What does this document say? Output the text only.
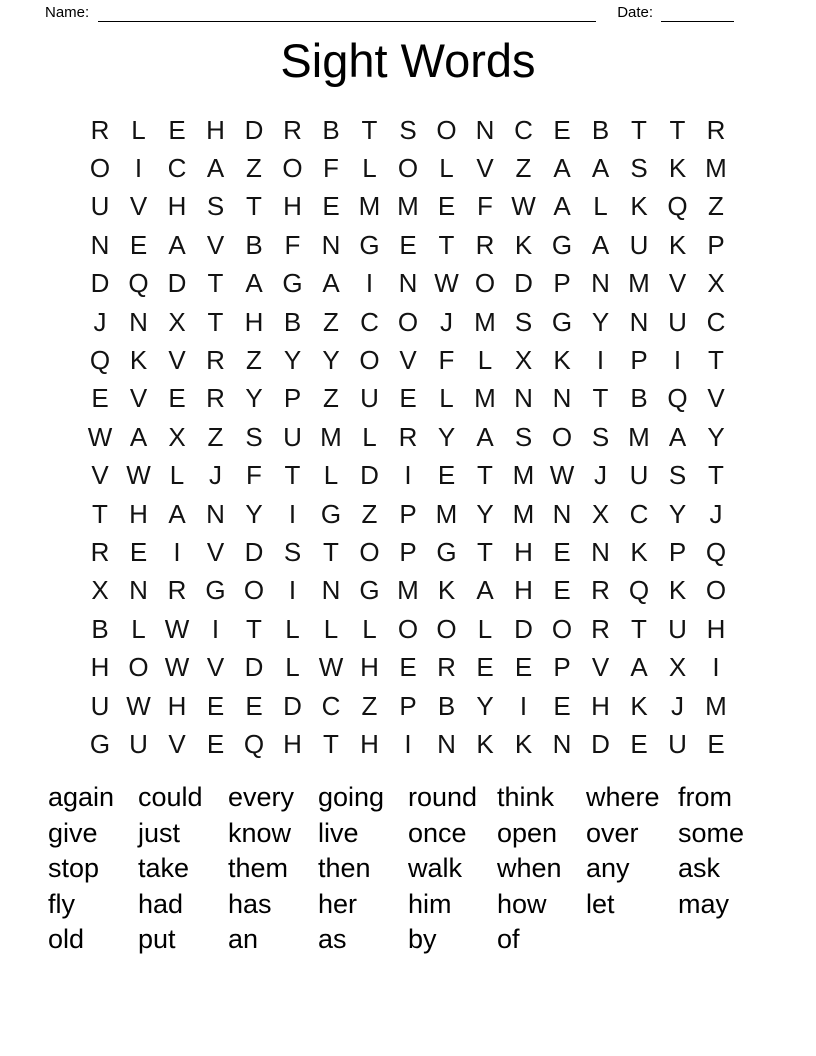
Name:	Date:
Sight Words
R L E H D R B T S O N C E B T T R
O I C A Z O F L O L V Z A A S K M
U V H S T H E M M E F W A L K Q Z
N E A V B F N G E T R K G A U K P
D Q D T A G A	I N W O D P N M V X
J N X T H B Z C O J M S G Y N U C
Q K V R Z Y Y O V F L X K	I	P	I	T
E V E R Y P Z U E L M N N T B Q V
W A X Z S U M L R Y A S O S M A Y
V W L J F T L D I	E T M W J U S T
T H A N Y	I G Z P M Y M N X C Y J
R E	I	V D S T O P G T H E N K P Q
X N R G O I N G M K A H E R Q K O
B L W I	T L L L O O L D O R T U H
H O W V D L W H E R E E P V A X	I
U W H E E D C Z P B Y	I	E H K J M
G U V E Q H T H I N K K N D E U E
again could every going round think	where from
give	just	know live	once	open	over	some
stop	take	them	then	walk	when any	ask
fly	had	has	her	him	how	let	may
old	put	an	as	by	of
